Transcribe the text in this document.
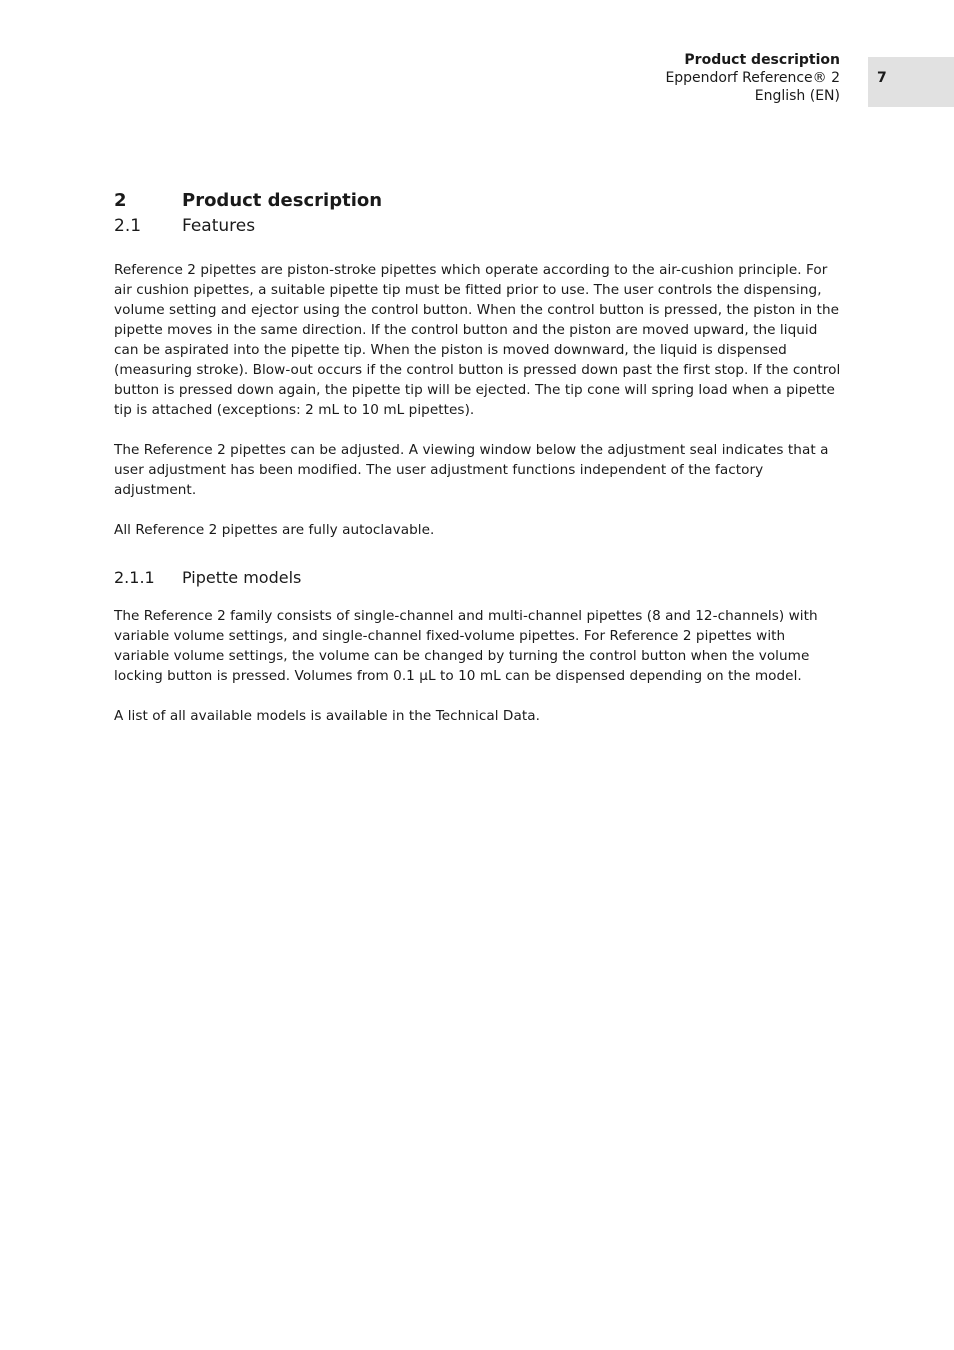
Product description
Eppendorf Reference® 2
English (EN)
7
2	Product description
2.1	Features

Reference 2 pipettes are piston-stroke pipettes which operate according to the air-cushion principle. For air cushion pipettes, a suitable pipette tip must be fitted prior to use. The user controls the dispensing, volume setting and ejector using the control button. When the control button is pressed, the piston in the pipette moves in the same direction. If the control button and the piston are moved upward, the liquid can be aspirated into the pipette tip. When the piston is moved downward, the liquid is dispensed (measuring stroke). Blow-out occurs if the control button is pressed down past the first stop. If the control button is pressed down again, the pipette tip will be ejected. The tip cone will spring load when a pipette tip is attached (exceptions: 2 mL to 10 mL pipettes).

The Reference 2 pipettes can be adjusted. A viewing window below the adjustment seal indicates that a user adjustment has been modified. The user adjustment functions independent of the factory adjustment.

All Reference 2 pipettes are fully autoclavable.

2.1.1	Pipette models

The Reference 2 family consists of single-channel and multi-channel pipettes (8 and 12-channels) with variable volume settings, and single-channel fixed-volume pipettes. For Reference 2 pipettes with variable volume settings, the volume can be changed by turning the control button when the volume locking button is pressed. Volumes from 0.1 µL to 10 mL can be dispensed depending on the model.

A list of all available models is available in the Technical Data.
